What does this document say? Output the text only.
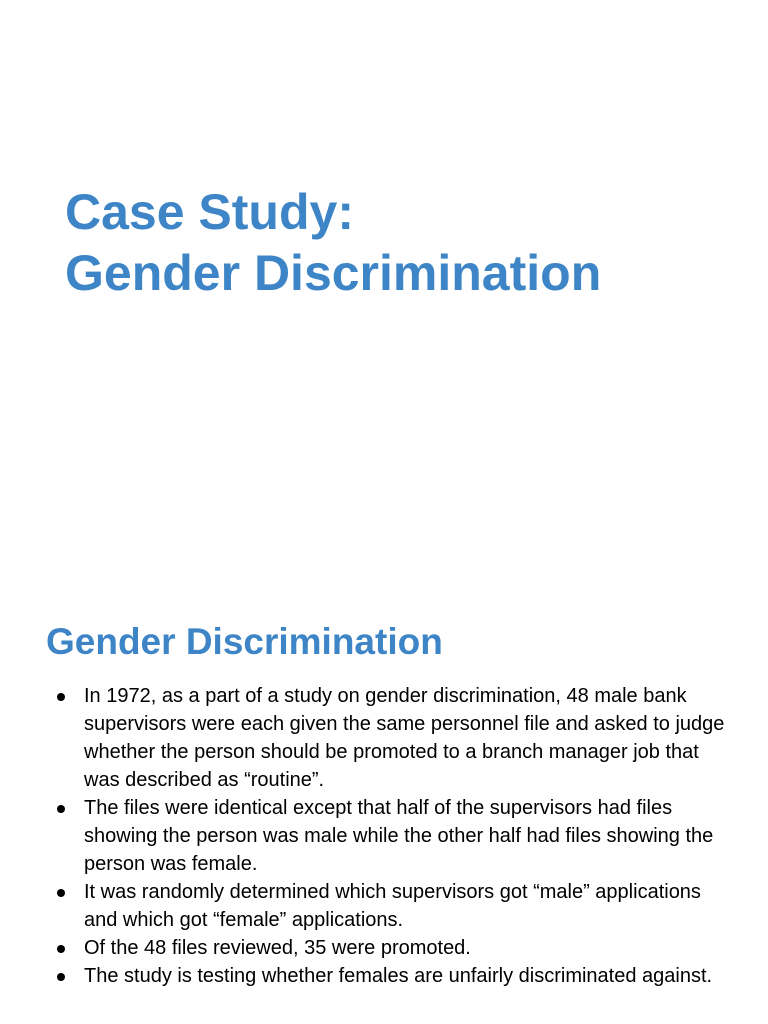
Case Study:
Gender Discrimination
Gender Discrimination
In 1972, as a part of a study on gender discrimination, 48 male bank supervisors were each given the same personnel file and asked to judge whether the person should be promoted to a branch manager job that was described as “routine”.
The files were identical except that half of the supervisors had files showing the person was male while the other half had files showing the person was female.
It was randomly determined which supervisors got “male” applications and which got “female” applications.
Of the 48 files reviewed, 35 were promoted.
The study is testing whether females are unfairly discriminated against.
